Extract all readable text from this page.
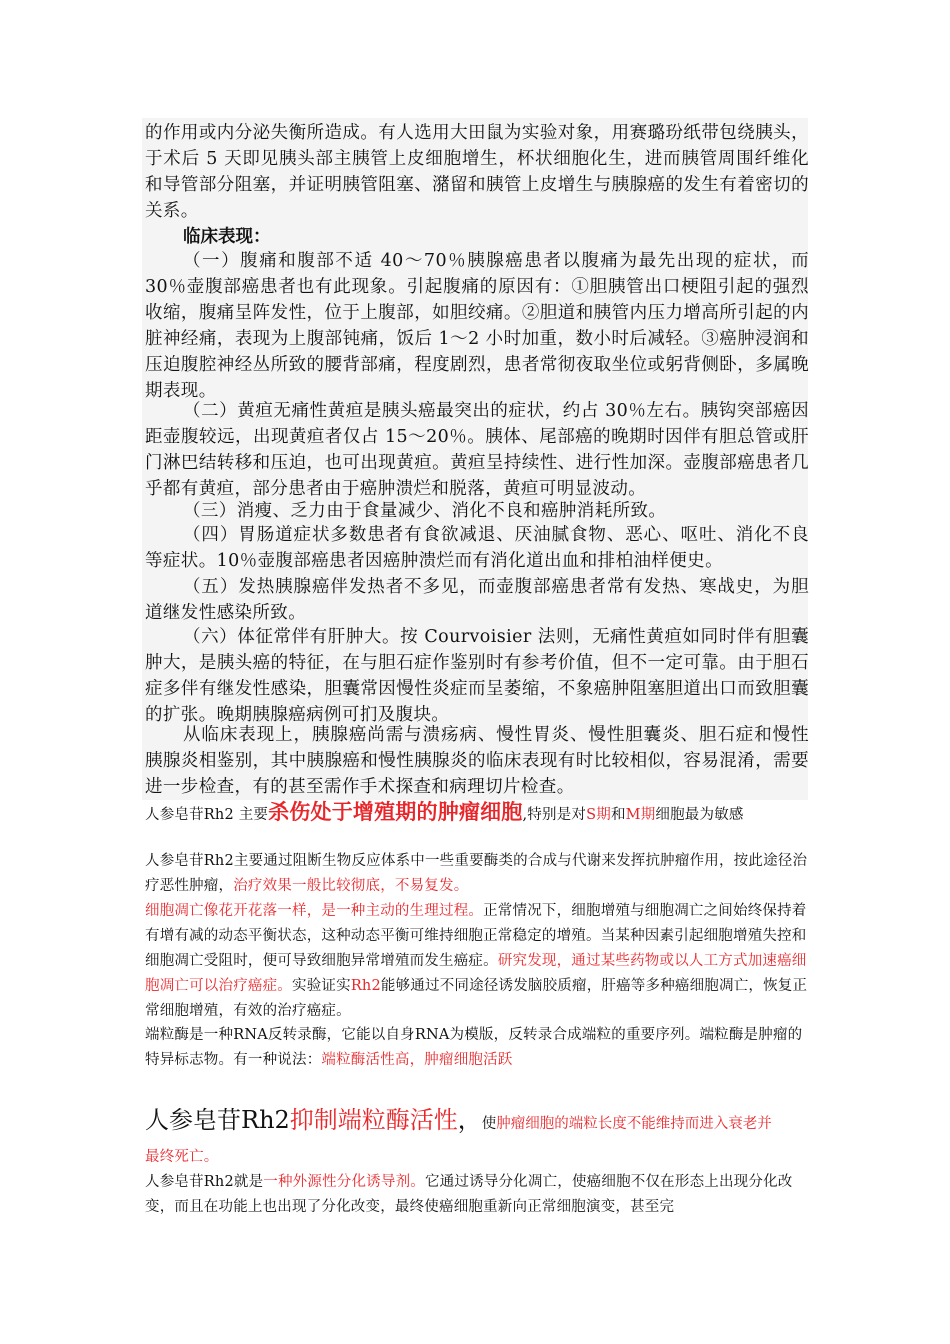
的作用或内分泌失衡所造成。有人选用大田鼠为实验对象，用赛璐玢纸带包绕胰头，于术后 5 天即见胰头部主胰管上皮细胞增生，杯状细胞化生，进而胰管周围纤维化和导管部分阻塞，并证明胰管阻塞、潴留和胰管上皮增生与胰腺癌的发生有着密切的关系。

临床表现：

（一）腹痛和腹部不适 40～70％胰腺癌患者以腹痛为最先出现的症状，而 30％壶腹部癌患者也有此现象。引起腹痛的原因有：①胆胰管出口梗阻引起的强烈收缩，腹痛呈阵发性，位于上腹部，如胆绞痛。②胆道和胰管内压力增高所引起的内脏神经痛，表现为上腹部钝痛，饭后 1～2 小时加重，数小时后减轻。③癌肿浸润和压迫腹腔神经丛所致的腰背部痛，程度剧烈，患者常彻夜取坐位或躬背侧卧，多属晚期表现。

（二）黄疸无痛性黄疸是胰头癌最突出的症状，约占 30％左右。胰钩突部癌因距壶腹较远，出现黄疸者仅占 15～20％。胰体、尾部癌的晚期时因伴有胆总管或肝门淋巴结转移和压迫，也可出现黄疸。黄疸呈持续性、进行性加深。壶腹部癌患者几乎都有黄疸，部分患者由于癌肿溃烂和脱落，黄疸可明显波动。

（三）消瘦、乏力由于食量减少、消化不良和癌肿消耗所致。

（四）胃肠道症状多数患者有食欲减退、厌油腻食物、恶心、呕吐、消化不良等症状。10％壶腹部癌患者因癌肿溃烂而有消化道出血和排柏油样便史。

（五）发热胰腺癌伴发热者不多见，而壶腹部癌患者常有发热、寒战史，为胆道继发性感染所致。

（六）体征常伴有肝肿大。按 Courvoisier 法则，无痛性黄疸如同时伴有胆囊肿大，是胰头癌的特征，在与胆石症作鉴别时有参考价值，但不一定可靠。由于胆石症多伴有继发性感染，胆囊常因慢性炎症而呈萎缩，不象癌肿阻塞胆道出口而致胆囊的扩张。晚期胰腺癌病例可扪及腹块。

从临床表现上，胰腺癌尚需与溃疡病、慢性胃炎、慢性胆囊炎、胆石症和慢性胰腺炎相鉴别，其中胰腺癌和慢性胰腺炎的临床表现有时比较相似，容易混淆，需要进一步检查，有的甚至需作手术探查和病理切片检查。

人参皂苷Rh2 主要杀伤处于增殖期的肿瘤细胞,特别是对S期和M期细胞最为敏感

人参皂苷Rh2主要通过阻断生物反应体系中一些重要酶类的合成与代谢来发挥抗肿瘤作用，按此途径治疗恶性肿瘤，治疗效果一般比较彻底，不易复发。

细胞凋亡像花开花落一样，是一种主动的生理过程。正常情况下，细胞增殖与细胞凋亡之间始终保持着有增有减的动态平衡状态，这种动态平衡可维持细胞正常稳定的增殖。当某种因素引起细胞增殖失控和细胞凋亡受阻时，便可导致细胞异常增殖而发生癌症。研究发现，通过某些药物或以人工方式加速癌细胞凋亡可以治疗癌症。实验证实Rh2能够通过不同途径诱发脑胶质瘤，肝癌等多种癌细胞凋亡，恢复正常细胞增殖，有效的治疗癌症。

端粒酶是一种RNA反转录酶，它能以自身RNA为模版，反转录合成端粒的重要序列。端粒酶是肿瘤的特异标志物。有一种说法：端粒酶活性高，肿瘤细胞活跃

人参皂苷Rh2抑制端粒酶活性，使肿瘤细胞的端粒长度不能维持而进入衰老并

最终死亡。

人参皂苷Rh2就是一种外源性分化诱导剂。它通过诱导分化凋亡，使癌细胞不仅在形态上出现分化改变，而且在功能上也出现了分化改变，最终使癌细胞重新向正常细胞演变，甚至完
